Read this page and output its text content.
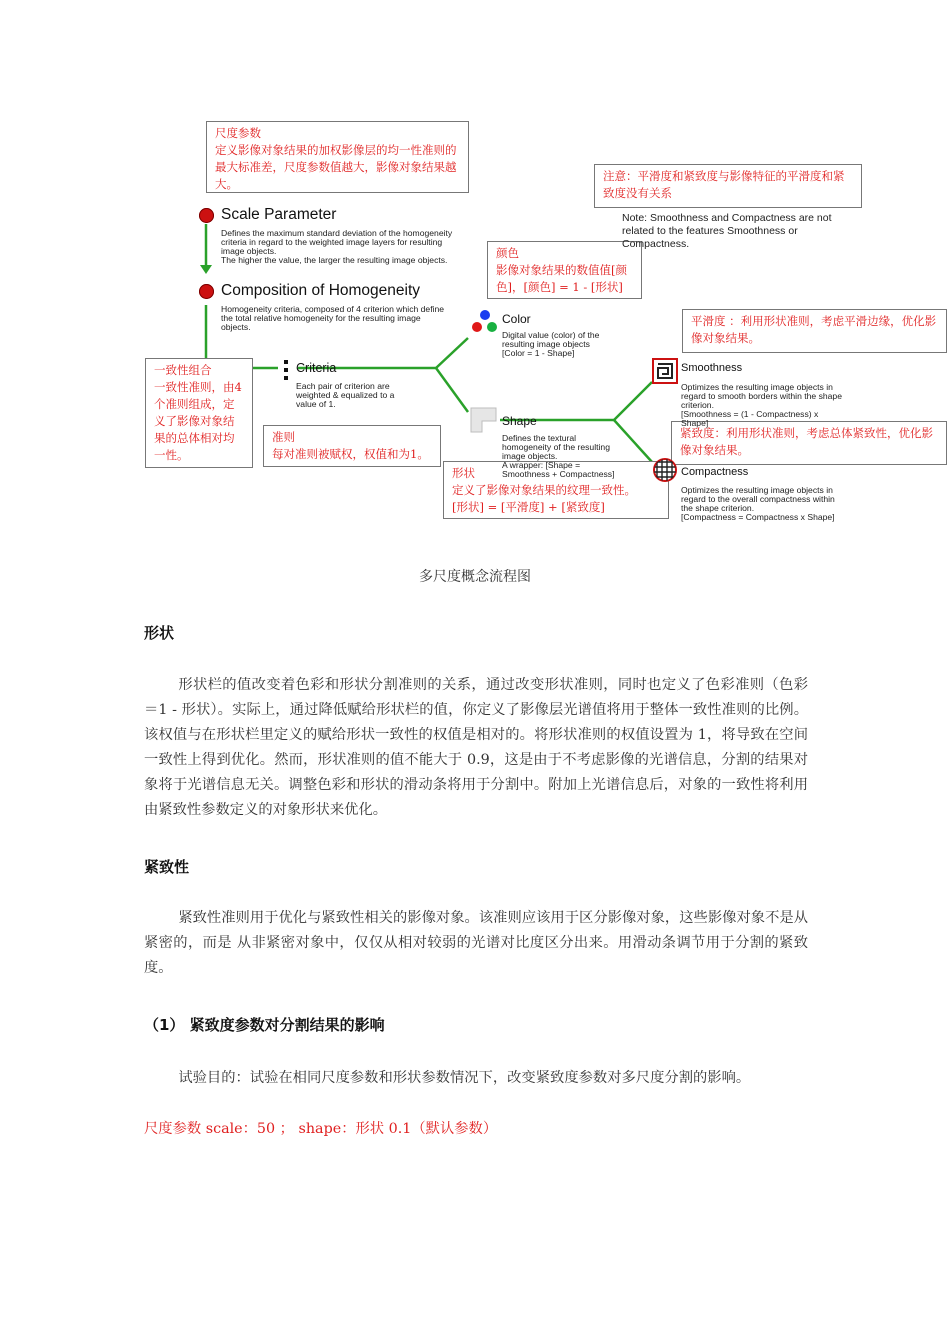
尺度参数
定义影像对象结果的加权影像层的均一性准则的最大标准差，尺度参数值越大，影像对象结果越大。
注意：平滑度和紧致度与影像特征的平滑度和紧致度没有关系
颜色
影像对象结果的数值值[颜色]，[颜色] = 1 - [形状]
平滑度 ：利用形状准则，考虑平滑边缘，优化影像对象结果。
一致性组合
一致性准则，由4个准则组成，定义了影像对象结果的总体相对均一性。
准则
每对准则被赋权，权值和为1。
紧致度：利用形状准则，考虑总体紧致性，优化影像对象结果。
形状
定义了影像对象结果的纹理一致性。
[形状] = [平滑度] + [紧致度]
Scale Parameter
Defines the maximum standard deviation of the homogeneity criteria in regard to the weighted image layers for resulting image objects.
The higher the value, the larger the resulting image objects.
Note: Smoothness and Compactness are not related to the features Smoothness or Compactness.
Composition of Homogeneity
Homogeneity criteria, composed of 4 criterion which define the total relative homogeneity for the resulting image objects.
Color
Digital value (color) of the resulting image objects
[Color = 1 - Shape]
Criteria
Each pair of criterion are weighted & equalized to a value of 1.
Shape
Defines the textural homogeneity of the resulting image objects.
A wrapper: [Shape = Smoothness + Compactness]
Smoothness
Optimizes the resulting image objects in regard to smooth borders within the shape criterion.
[Smoothness = (1 - Compactness) x Shape]
Compactness
Optimizes the resulting image objects in regard to the overall compactness within the shape criterion.
[Compactness = Compactness x Shape]
多尺度概念流程图
形状
形状栏的值改变着色彩和形状分割准则的关系，通过改变形状准则，同时也定义了色彩准则（色彩 ＝1 - 形状）。实际上，通过降低赋给形状栏的值，你定义了影像层光谱值将用于整体一致性准则的比例。该权值与在形状栏里定义的赋给形状一致性的权值是相对的。将形状准则的权值设置为 1，将导致在空间一致性上得到优化。然而，形状准则的值不能大于 0.9，这是由于不考虑影像的光谱信息，分割的结果对象将于光谱信息无关。调整色彩和形状的滑动条将用于分割中。附加上光谱信息后，对象的一致性将利用由紧致性参数定义的对象形状来优化。
紧致性
紧致性准则用于优化与紧致性相关的影像对象。该准则应该用于区分影像对象，这些影像对象不是从紧密的，而是 从非紧密对象中，仅仅从相对较弱的光谱对比度区分出来。用滑动条调节用于分割的紧致度。
（1） 紧致度参数对分割结果的影响
试验目的：试验在相同尺度参数和形状参数情况下，改变紧致度参数对多尺度分割的影响。
尺度参数 scale：50 ； shape：形状 0.1（默认参数）
